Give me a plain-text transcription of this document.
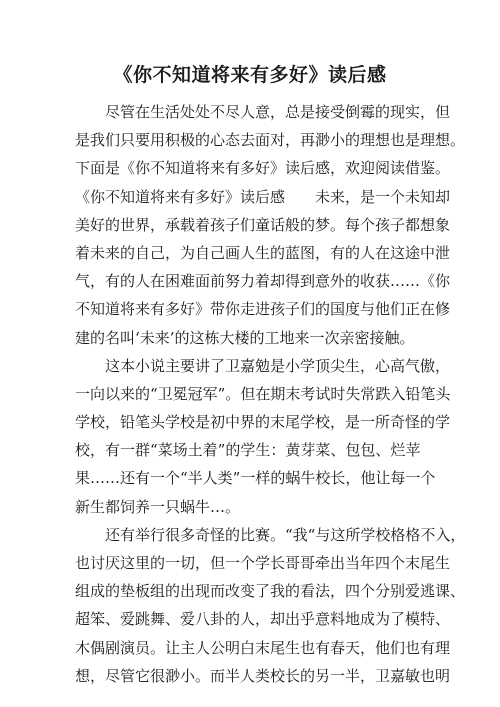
《你不知道将来有多好》读后感
尽管在生活处处不尽人意，总是接受倒霉的现实，但
是我们只要用积极的心态去面对，再渺小的理想也是理想。
下面是《你不知道将来有多好》读后感，欢迎阅读借鉴。
《你不知道将来有多好》读后感　　未来，是一个未知却
美好的世界，承载着孩子们童话般的梦。每个孩子都想象
着未来的自己，为自己画人生的蓝图，有的人在这途中泄
气，有的人在困难面前努力着却得到意外的收获……《你
不知道将来有多好》带你走进孩子们的国度与他们正在修
建的名叫‘未来’的这栋大楼的工地来一次亲密接触。
这本小说主要讲了卫嘉勉是小学顶尖生，心高气傲，
一向以来的“卫冕冠军”。但在期末考试时失常跌入铅笔头
学校，铅笔头学校是初中界的末尾学校，是一所奇怪的学
校，有一群“菜场土着”的学生：黄芽菜、包包、烂苹
果……还有一个“半人类”一样的蜗牛校长，他让每一个
新生都饲养一只蜗牛…。
还有举行很多奇怪的比赛。“我“与这所学校格格不入，
也讨厌这里的一切，但一个学长哥哥牵出当年四个末尾生
组成的垫板组的出现而改变了我的看法，四个分别爱逃课、
超笨、爱跳舞、爱八卦的人，却出乎意料地成为了模特、
木偶剧演员。让主人公明白末尾生也有春天，他们也有理
想，尽管它很渺小。而半人类校长的另一半，卫嘉敏也明
